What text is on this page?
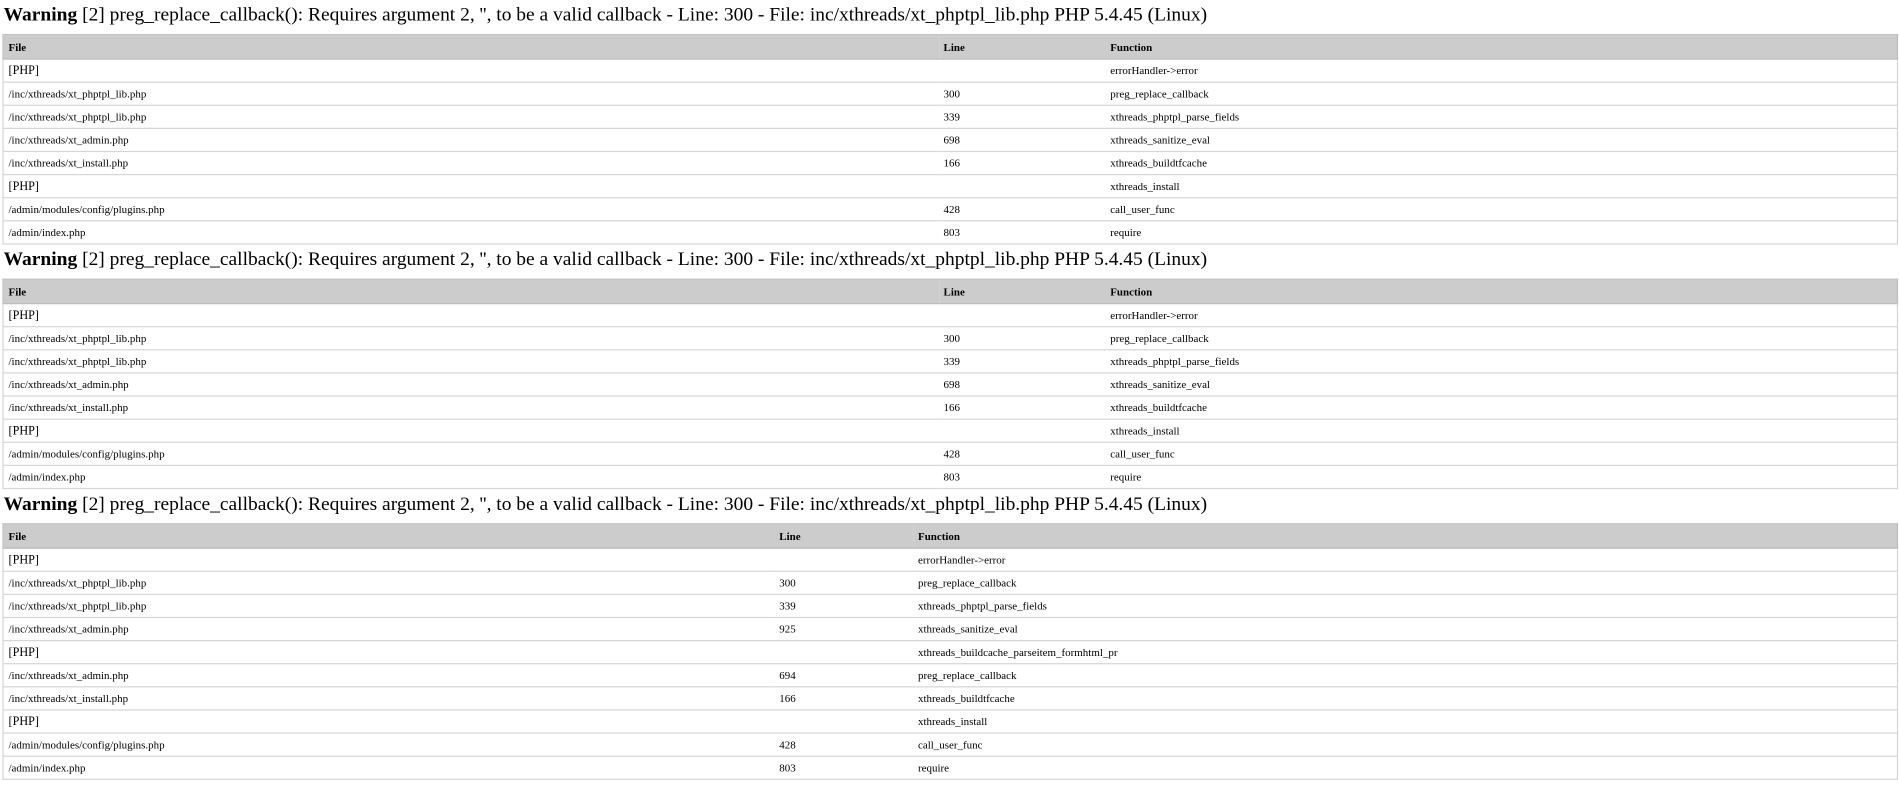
Warning [2] preg_replace_callback(): Requires argument 2, '', to be a valid callback - Line: 300 - File: inc/xthreads/xt_phptpl_lib.php PHP 5.4.45 (Linux)
File	Line	Function
[PHP]		errorHandler->error
/inc/xthreads/xt_phptpl_lib.php	300	preg_replace_callback
/inc/xthreads/xt_phptpl_lib.php	339	xthreads_phptpl_parse_fields
/inc/xthreads/xt_admin.php	698	xthreads_sanitize_eval
/inc/xthreads/xt_install.php	166	xthreads_buildtfcache
[PHP]		xthreads_install
/admin/modules/config/plugins.php	428	call_user_func
/admin/index.php	803	require
Warning [2] preg_replace_callback(): Requires argument 2, '', to be a valid callback - Line: 300 - File: inc/xthreads/xt_phptpl_lib.php PHP 5.4.45 (Linux)
File	Line	Function
[PHP]		errorHandler->error
/inc/xthreads/xt_phptpl_lib.php	300	preg_replace_callback
/inc/xthreads/xt_phptpl_lib.php	339	xthreads_phptpl_parse_fields
/inc/xthreads/xt_admin.php	698	xthreads_sanitize_eval
/inc/xthreads/xt_install.php	166	xthreads_buildtfcache
[PHP]		xthreads_install
/admin/modules/config/plugins.php	428	call_user_func
/admin/index.php	803	require
Warning [2] preg_replace_callback(): Requires argument 2, '', to be a valid callback - Line: 300 - File: inc/xthreads/xt_phptpl_lib.php PHP 5.4.45 (Linux)
File	Line	Function
[PHP]		errorHandler->error
/inc/xthreads/xt_phptpl_lib.php	300	preg_replace_callback
/inc/xthreads/xt_phptpl_lib.php	339	xthreads_phptpl_parse_fields
/inc/xthreads/xt_admin.php	925	xthreads_sanitize_eval
[PHP]		xthreads_buildcache_parseitem_formhtml_pr
/inc/xthreads/xt_admin.php	694	preg_replace_callback
/inc/xthreads/xt_install.php	166	xthreads_buildtfcache
[PHP]		xthreads_install
/admin/modules/config/plugins.php	428	call_user_func
/admin/index.php	803	require
